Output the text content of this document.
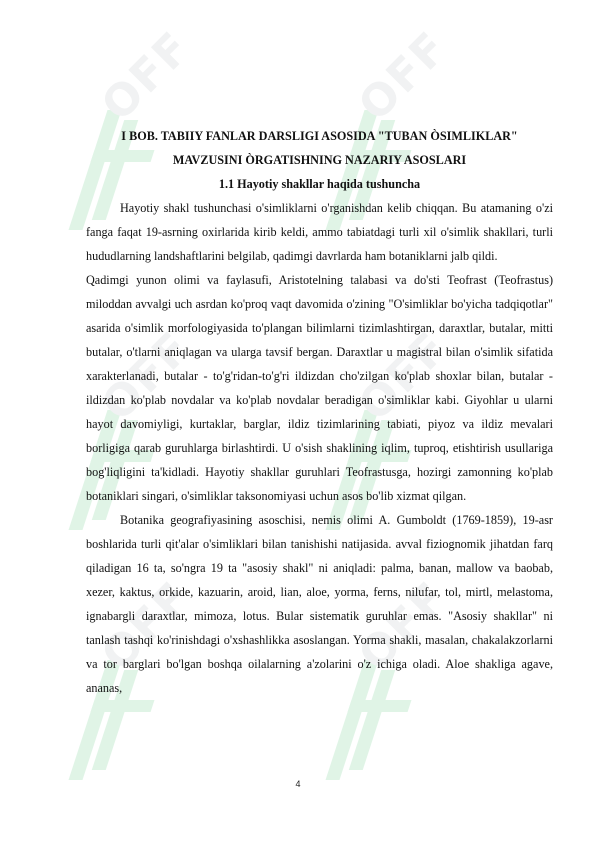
OFF	OFF
OFF	OFF
OFF	OFF
I BOB. TABIIY FANLAR DARSLIGI ASOSIDA "TUBAN ÒSIMLIKLAR"
MAVZUSINI ÒRGATISHNING NAZARIY ASOSLARI
1.1 Hayotiy shakllar haqida tushuncha

Hayotiy shakl tushunchasi o'simliklarni o'rganishdan kelib chiqqan. Bu atamaning o'zi fanga faqat 19-asrning oxirlarida kirib keldi, ammo tabiatdagi turli xil o'simlik shakllari, turli hududlarning landshaftlarini belgilab, qadimgi davrlarda ham botaniklarni jalb qildi.

Qadimgi yunon olimi va faylasufi, Aristotelning talabasi va do'sti Teofrast (Teofrastus) miloddan avvalgi uch asrdan ko'proq vaqt davomida o'zining "O'simliklar bo'yicha tadqiqotlar" asarida o'simlik morfologiyasida to'plangan bilimlarni tizimlashtirgan, daraxtlar, butalar, mitti butalar, o'tlarni aniqlagan va ularga tavsif bergan. Daraxtlar u magistral bilan o'simlik sifatida xarakterlanadi, butalar - to'g'ridan-to'g'ri ildizdan cho'zilgan ko'plab shoxlar bilan, butalar - ildizdan ko'plab novdalar va ko'plab novdalar beradigan o'simliklar kabi. Giyohlar u ularni hayot davomiyligi, kurtaklar, barglar, ildiz tizimlarining tabiati, piyoz va ildiz mevalari borligiga qarab guruhlarga birlashtirdi. U o'sish shaklining iqlim, tuproq, etishtirish usullariga bog'liqligini ta'kidladi. Hayotiy shakllar guruhlari Teofrastusga, hozirgi zamonning ko'plab botaniklari singari, o'simliklar taksonomiyasi uchun asos bo'lib xizmat qilgan.

Botanika geografiyasining asoschisi, nemis olimi A. Gumboldt (1769-1859), 19-asr boshlarida turli qit'alar o'simliklari bilan tanishishi natijasida. avval fiziognomik jihatdan farq qiladigan 16 ta, so'ngra 19 ta "asosiy shakl" ni aniqladi: palma, banan, mallow va baobab, xezer, kaktus, orkide, kazuarin, aroid, lian, aloe, yorma, ferns, nilufar, tol, mirtl, melastoma, ignabargli daraxtlar, mimoza, lotus. Bular sistematik guruhlar emas. "Asosiy shakllar" ni tanlash tashqi ko'rinishdagi o'xshashlikka asoslangan. Yorma shakli, masalan, chakalakzorlarni va tor barglari bo'lgan boshqa oilalarning a'zolarini o'z ichiga oladi. Aloe shakliga agave, ananas,

4
